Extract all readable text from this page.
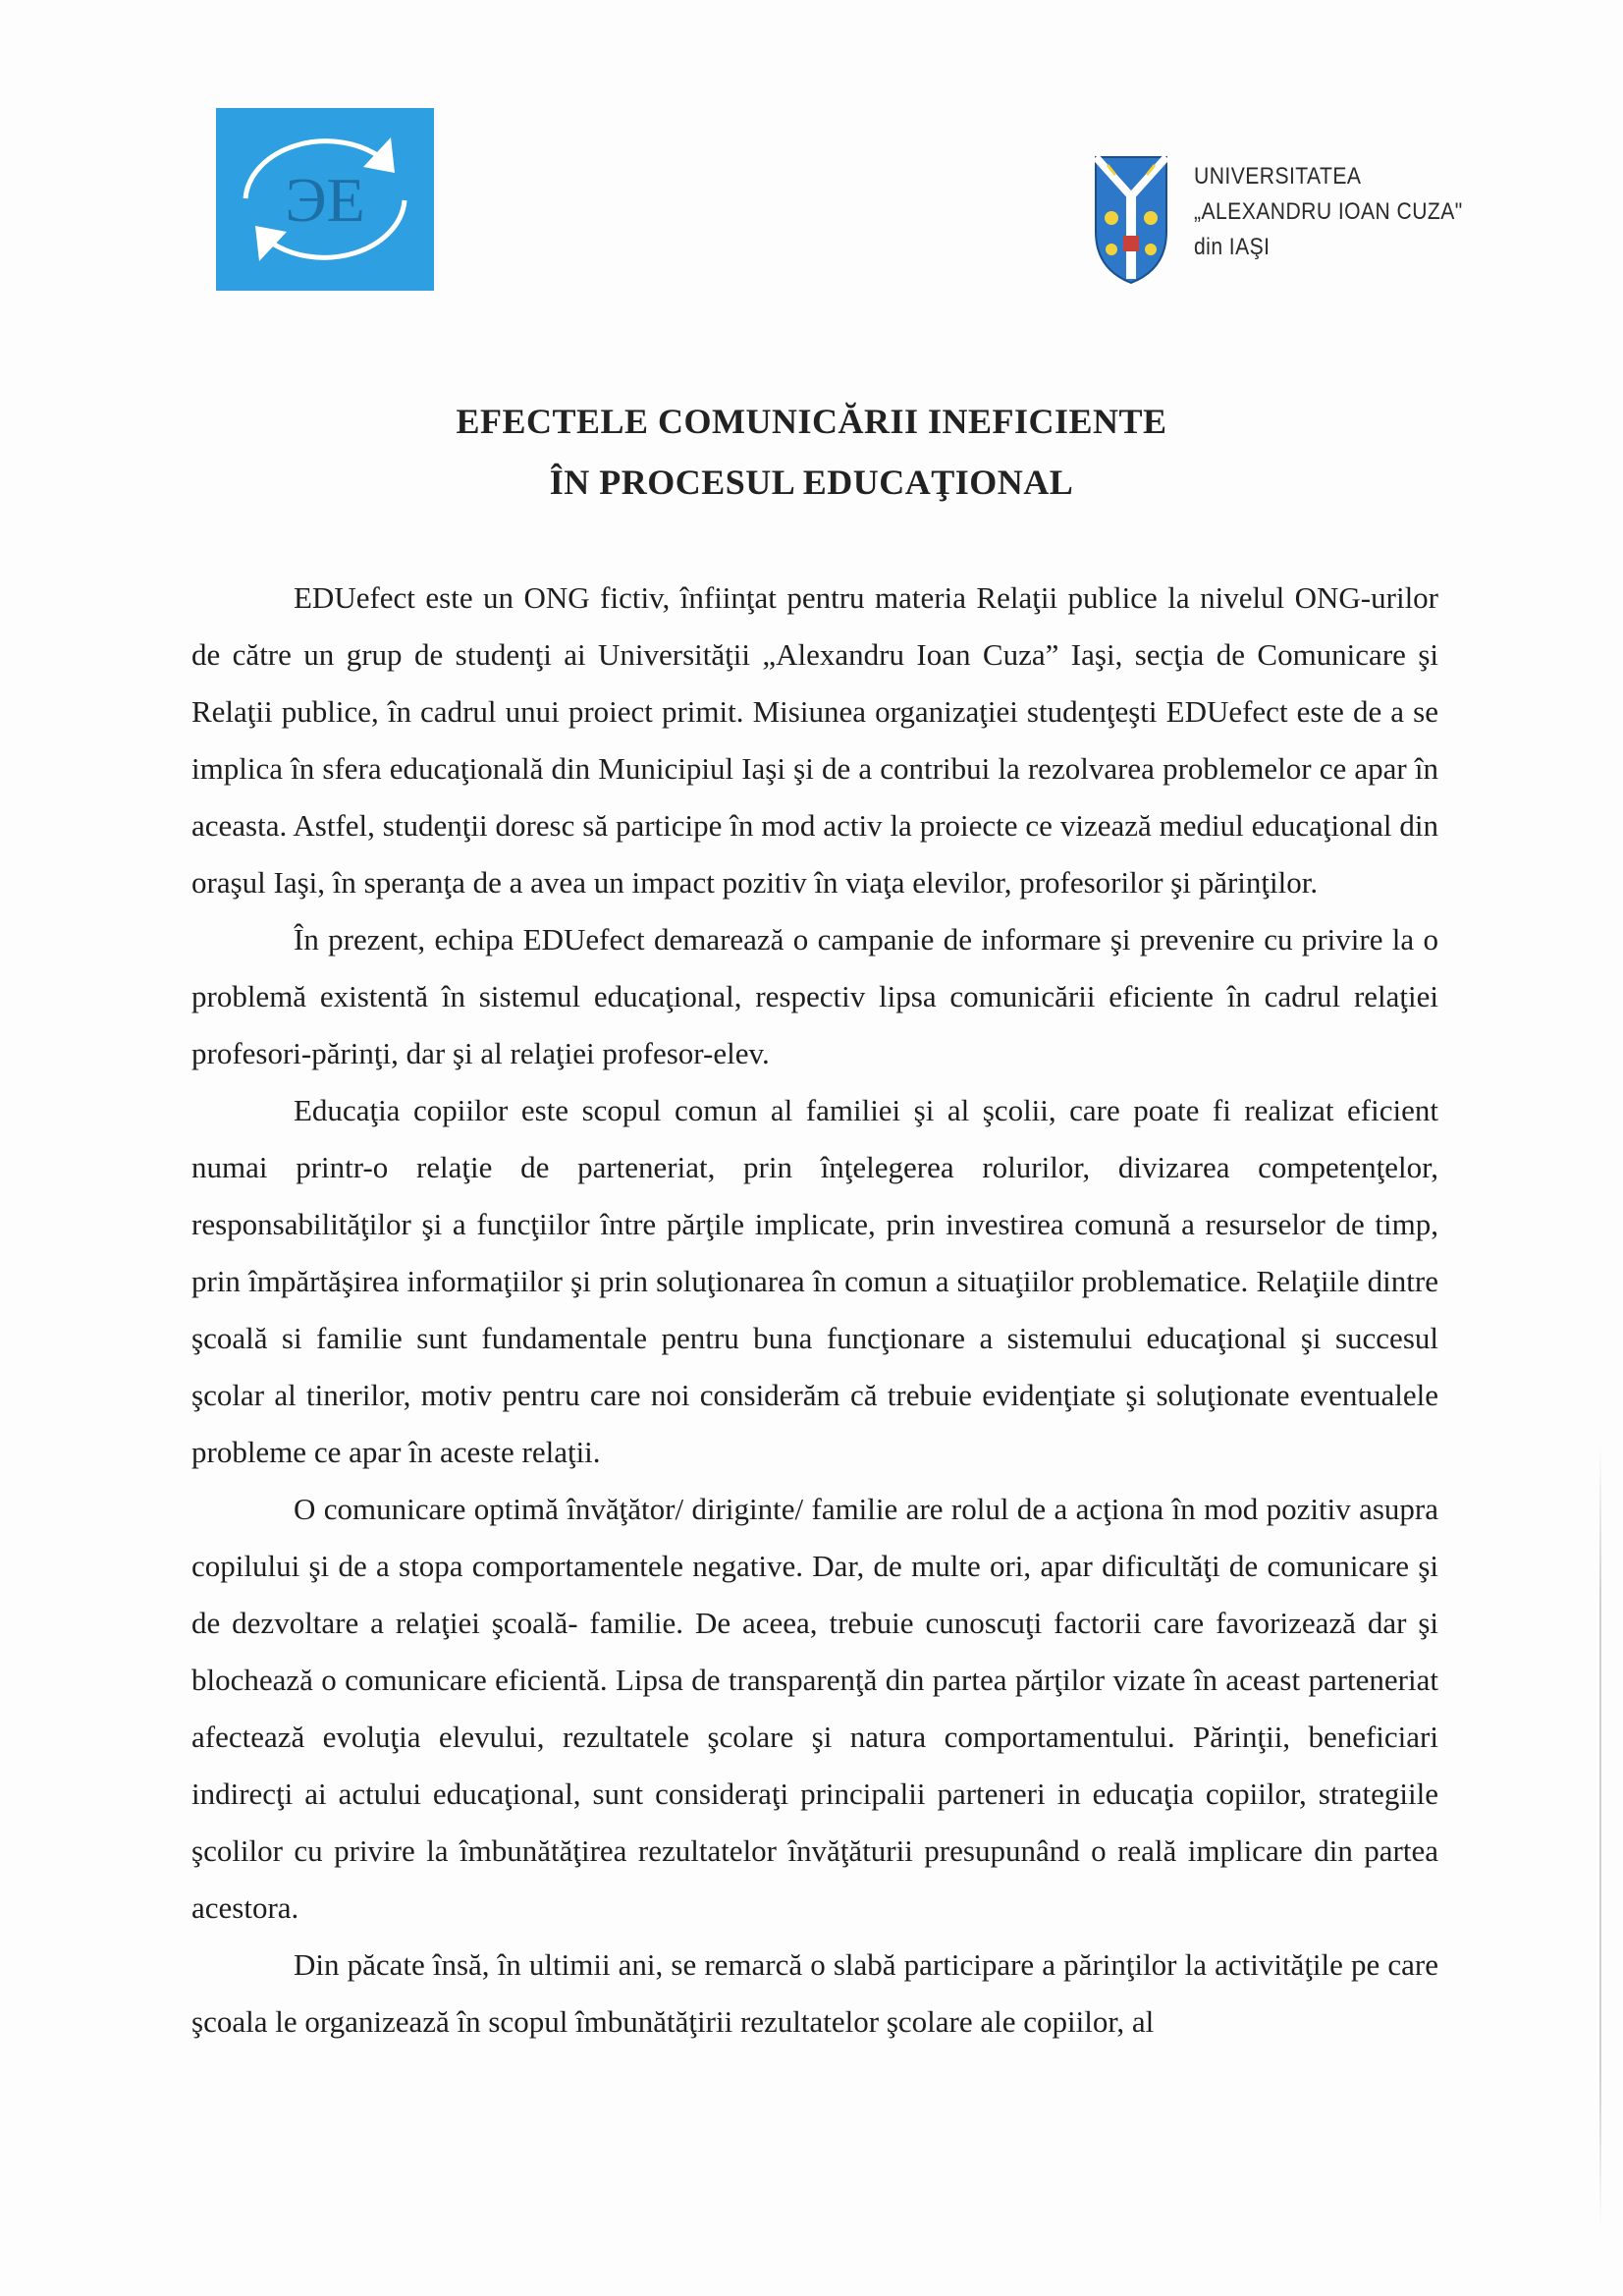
ЭЕ	UNIVERSITATEA
„ALEXANDRU IOAN CUZA"
din IAŞI
EFECTELE COMUNICĂRII INEFICIENTE
ÎN PROCESUL EDUCAŢIONAL

EDUefect este un ONG fictiv, înfiinţat pentru materia Relaţii publice la nivelul ONG-urilor de către un grup de studenţi ai Universităţii „Alexandru Ioan Cuza” Iaşi, secţia de Comunicare şi Relaţii publice, în cadrul unui proiect primit. Misiunea organizaţiei studenţeşti EDUefect este de a se implica în sfera educaţională din Municipiul Iaşi şi de a contribui la rezolvarea problemelor ce apar în aceasta. Astfel, studenţii doresc să participe în mod activ la proiecte ce vizează mediul educaţional din oraşul Iaşi, în speranţa de a avea un impact pozitiv în viaţa elevilor, profesorilor şi părinţilor.

În prezent, echipa EDUefect demarează o campanie de informare şi prevenire cu privire la o problemă existentă în sistemul educaţional, respectiv lipsa comunicării eficiente în cadrul relaţiei profesori-părinţi, dar şi al relaţiei profesor-elev.

Educaţia copiilor este scopul comun al familiei şi al şcolii, care poate fi realizat eficient numai printr-o relaţie de parteneriat, prin înţelegerea rolurilor, divizarea competenţelor, responsabilităţilor şi a funcţiilor între părţile implicate, prin investirea comună a resurselor de timp, prin împărtăşirea informaţiilor şi prin soluţionarea în comun a situaţiilor problematice. Relaţiile dintre şcoală si familie sunt fundamentale pentru buna funcţionare a sistemului educaţional şi succesul şcolar al tinerilor, motiv pentru care noi considerăm că trebuie evidenţiate şi soluţionate eventualele probleme ce apar în aceste relaţii.

O comunicare optimă învăţător/ diriginte/ familie are rolul de a acţiona în mod pozitiv asupra copilului şi de a stopa comportamentele negative. Dar, de multe ori, apar dificultăţi de comunicare şi de dezvoltare a relaţiei şcoală- familie. De aceea, trebuie cunoscuţi factorii care favorizează dar şi blochează o comunicare eficientă. Lipsa de transparenţă din partea părţilor vizate în aceast parteneriat afectează evoluţia elevului, rezultatele şcolare şi natura comportamentului. Părinţii, beneficiari indirecţi ai actului educaţional, sunt consideraţi principalii parteneri in educaţia copiilor, strategiile şcolilor cu privire la îmbunătăţirea rezultatelor învăţăturii presupunând o reală implicare din partea acestora.

Din păcate însă, în ultimii ani, se remarcă o slabă participare a părinţilor la activităţile pe care şcoala le organizează în scopul îmbunătăţirii rezultatelor şcolare ale copiilor, al
